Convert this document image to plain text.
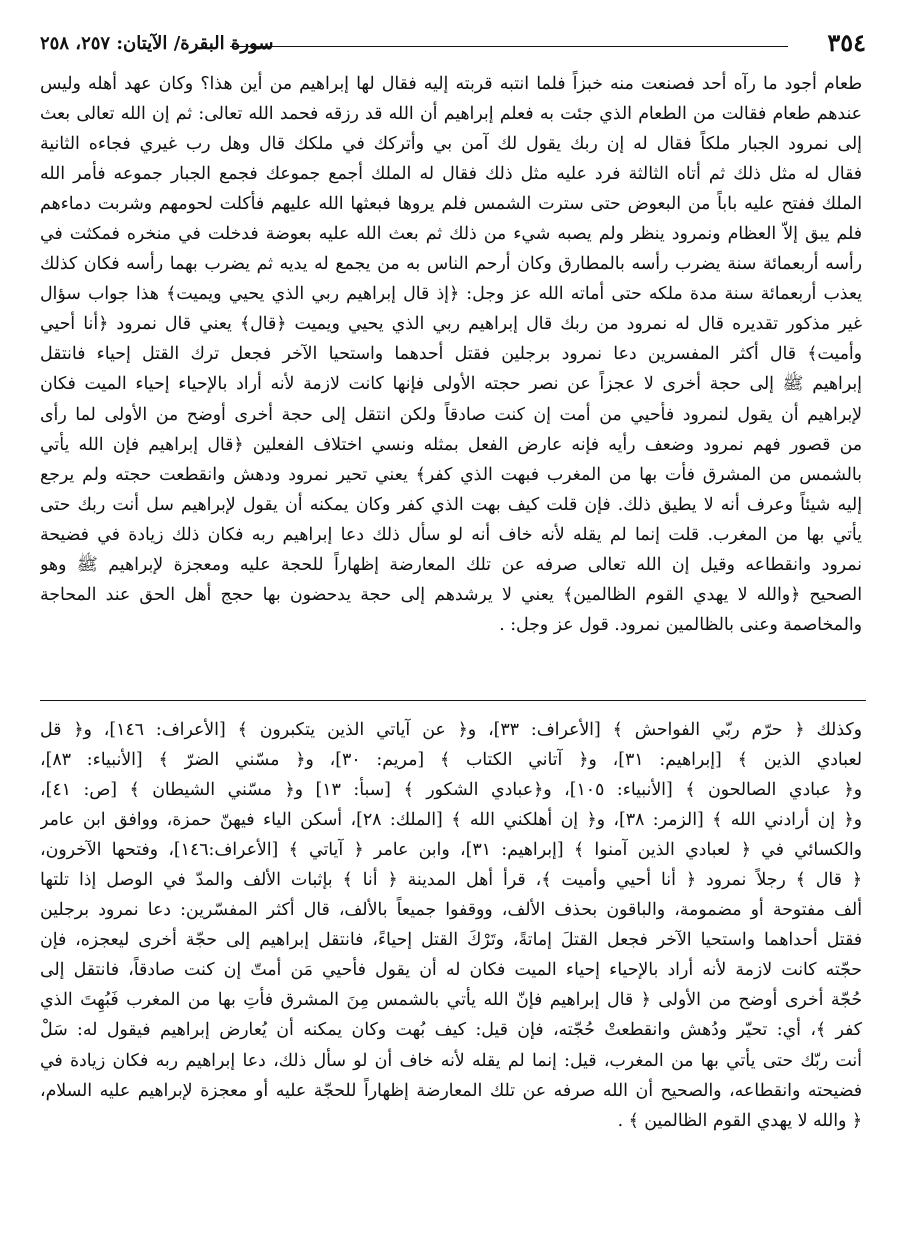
٣٥٤
سورة البقرة/ الآيتان: ٢٥٧، ٢٥٨
طعام أجود ما رآه أحد فصنعت منه خبزاً فلما انتبه قربته إليه فقال لها إبراهيم من أين هذا؟ وكان عهد أهله وليس
عندهم طعام فقالت من الطعام الذي جئت به فعلم إبراهيم أن الله قد رزقه فحمد الله تعالى: ثم إن الله تعالى بعث
إلى نمرود الجبار ملكاً فقال له إن ربك يقول لك آمن بي وأتركك في ملكك قال وهل رب غيري فجاءه الثانية
فقال له مثل ذلك ثم أتاه الثالثة فرد عليه مثل ذلك فقال له الملك أجمع جموعك فجمع الجبار جموعه فأمر الله
الملك ففتح عليه باباً من البعوض حتى سترت الشمس فلم يروها فبعثها الله عليهم فأكلت لحومهم وشربت دماءهم
فلم يبق إلاّ العظام ونمرود ينظر ولم يصبه شيء من ذلك ثم بعث الله عليه بعوضة فدخلت في منخره فمكثت في
رأسه أربعمائة سنة يضرب رأسه بالمطارق وكان أرحم الناس به من يجمع له يديه ثم يضرب بهما رأسه فكان كذلك
يعذب أربعمائة سنة مدة ملكه حتى أماته الله عز وجل: ﴿إذ قال إبراهيم ربي الذي يحيي ويميت﴾ هذا جواب سؤال
غير مذكور تقديره قال له نمرود من ربك قال إبراهيم ربي الذي يحيي ويميت ﴿قال﴾ يعني قال نمرود ﴿أنا أحيي
وأميت﴾ قال أكثر المفسرين دعا نمرود برجلين فقتل أحدهما واستحيا الآخر فجعل ترك القتل إحياء فانتقل
إبراهيم ﷺ إلى حجة أخرى لا عجزاً عن نصر حجته الأولى فإنها كانت لازمة لأنه أراد بالإحياء إحياء الميت فكان
لإبراهيم أن يقول لنمرود فأحيي من أمت إن كنت صادقاً ولكن انتقل إلى حجة أخرى أوضح من الأولى لما رأى
من قصور فهم نمرود وضعف رأيه فإنه عارض الفعل بمثله ونسي اختلاف الفعلين ﴿قال إبراهيم فإن الله يأتي
بالشمس من المشرق فأت بها من المغرب فبهت الذي كفر﴾ يعني تحير نمرود ودهش وانقطعت حجته ولم يرجع
إليه شيئاً وعرف أنه لا يطيق ذلك. فإن قلت كيف بهت الذي كفر وكان يمكنه أن يقول لإبراهيم سل أنت ربك حتى
يأتي بها من المغرب. قلت إنما لم يقله لأنه خاف أنه لو سأل ذلك دعا إبراهيم ربه فكان ذلك زيادة في فضيحة
نمرود وانقطاعه وقيل إن الله تعالى صرفه عن تلك المعارضة إظهاراً للحجة عليه ومعجزة لإبراهيم ﷺ وهو
الصحيح ﴿والله لا يهدي القوم الظالمين﴾ يعني لا يرشدهم إلى حجة يدحضون بها حجج أهل الحق عند المحاجة
والمخاصمة وعنى بالظالمين نمرود. قول عز وجل: .
وكذلك ﴿ حرّم ربّي الفواحش ﴾ [الأعراف: ٣٣]، و﴿ عن آياتي الذين يتكبرون ﴾ [الأعراف: ١٤٦]، و﴿ قل
لعبادي الذين ﴾ [إبراهيم: ٣١]، و﴿ آتاني الكتاب ﴾ [مريم: ٣٠]، و﴿ مسّني الضرّ ﴾ [الأنبياء: ٨٣]،
و﴿ عبادي الصالحون ﴾ [الأنبياء: ١٠٥]، و﴿عبادي الشكور ﴾ [سبأ: ١٣] و﴿ مسّني الشيطان ﴾ [ص: ٤١]،
و﴿ إن أرادني الله ﴾ [الزمر: ٣٨]، و﴿ إن أهلكني الله ﴾ [الملك: ٢٨]، أسكن الياء فيهنّ حمزة، ووافق ابن عامر
والكسائي في ﴿ لعبادي الذين آمنوا ﴾ [إبراهيم: ٣١]، وابن عامر ﴿ آياتي ﴾ [الأعراف:١٤٦]، وفتحها الآخرون،
﴿ قال ﴾ رجلاً نمرود ﴿ أنا أحيي وأميت ﴾، قرأ أهل المدينة ﴿ أنا ﴾ بإثبات الألف والمدّ في الوصل إذا تلتها
ألف مفتوحة أو مضمومة، والباقون بحذف الألف، ووقفوا جميعاً بالألف، قال أكثر المفسّرين: دعا نمرود برجلين
فقتل أحداهما واستحيا الآخر فجعل القتلَ إماتةً، وتَرْكَ القتل إحياءً، فانتقل إبراهيم إلى حجّة أخرى ليعجزه، فإن
حجّته كانت لازمة لأنه أراد بالإحياء إحياء الميت فكان له أن يقول فأحيي مَن أمتّ إن كنت صادقاً، فانتقل إلى
حُجّة أخرى أوضح من الأولى ﴿ قال إبراهيم فإنّ الله يأتي بالشمس مِنَ المشرق فأتِ بها من المغرب فَبُهِتَ الذي
كفر ﴾، أي: تحيّر ودُهش وانقطعتْ حُجّته، فإن قيل: كيف بُهت وكان يمكنه أن يُعارض إبراهيم فيقول له: سَلْ
أنت ربّك حتى يأتي بها من المغرب، قيل: إنما لم يقله لأنه خاف أن لو سأل ذلك، دعا إبراهيم ربه فكان زيادة في
فضيحته وانقطاعه، والصحيح أن الله صرفه عن تلك المعارضة إظهاراً للحجّة عليه أو معجزة لإبراهيم عليه السلام،
﴿ والله لا يهدي القوم الظالمين ﴾ .
